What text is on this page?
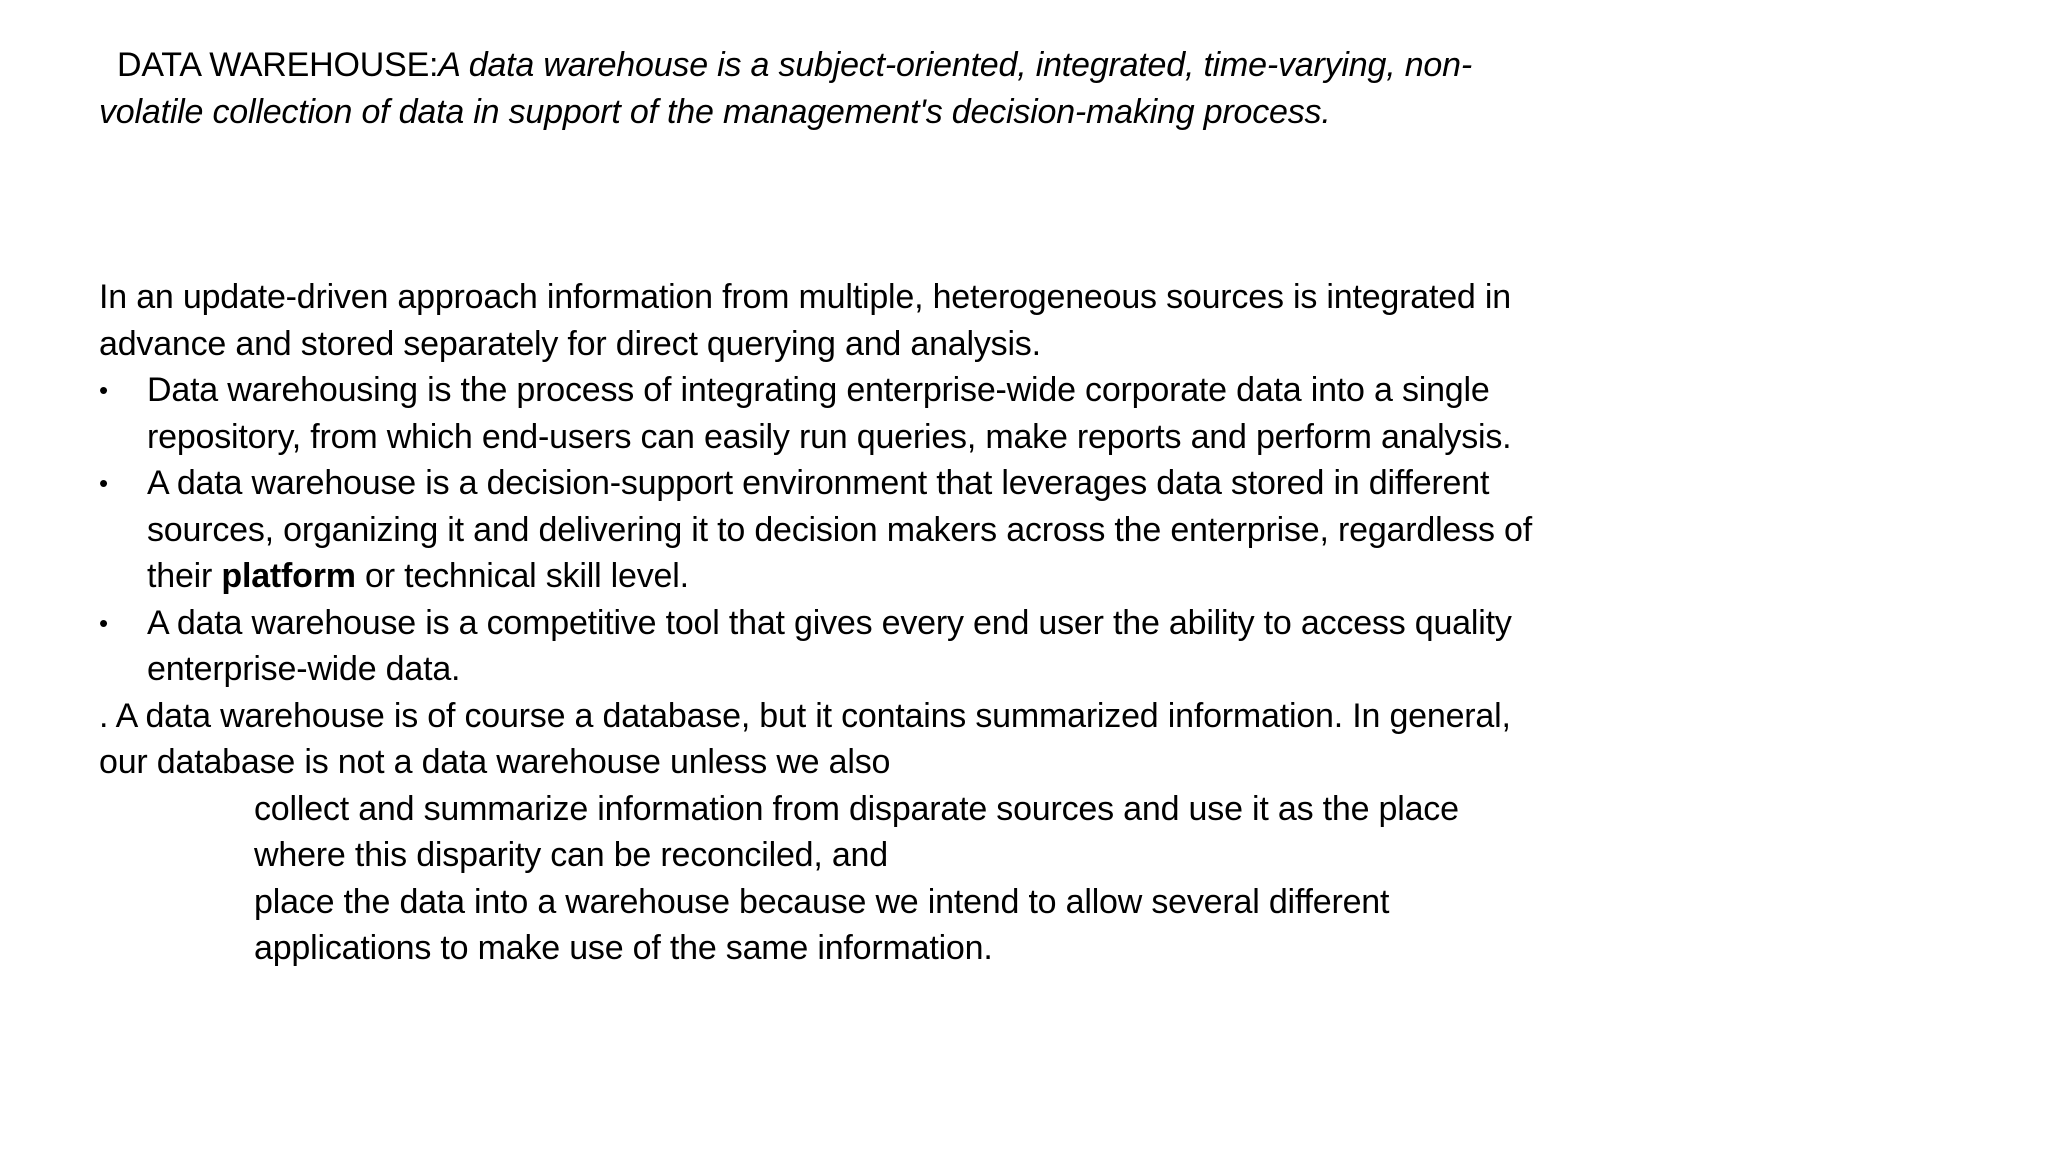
DATA WAREHOUSE:A data warehouse is a subject-oriented, integrated, time-varying, non-volatile collection of data in support of the management's decision-making process.

In an update-driven approach information from multiple, heterogeneous sources is integrated in advance and stored separately for direct querying and analysis.

• Data warehousing is the process of integrating enterprise-wide corporate data into a single repository, from which end-users can easily run queries, make reports and perform analysis.
• A data warehouse is a decision-support environment that leverages data stored in different sources, organizing it and delivering it to decision makers across the enterprise, regardless of their platform or technical skill level.
• A data warehouse is a competitive tool that gives every end user the ability to access quality enterprise-wide data.

. A data warehouse is of course a database, but it contains summarized information. In general, our database is not a data warehouse unless we also

collect and summarize information from disparate sources and use it as the place where this disparity can be reconciled, and

place the data into a warehouse because we intend to allow several different applications to make use of the same information.
